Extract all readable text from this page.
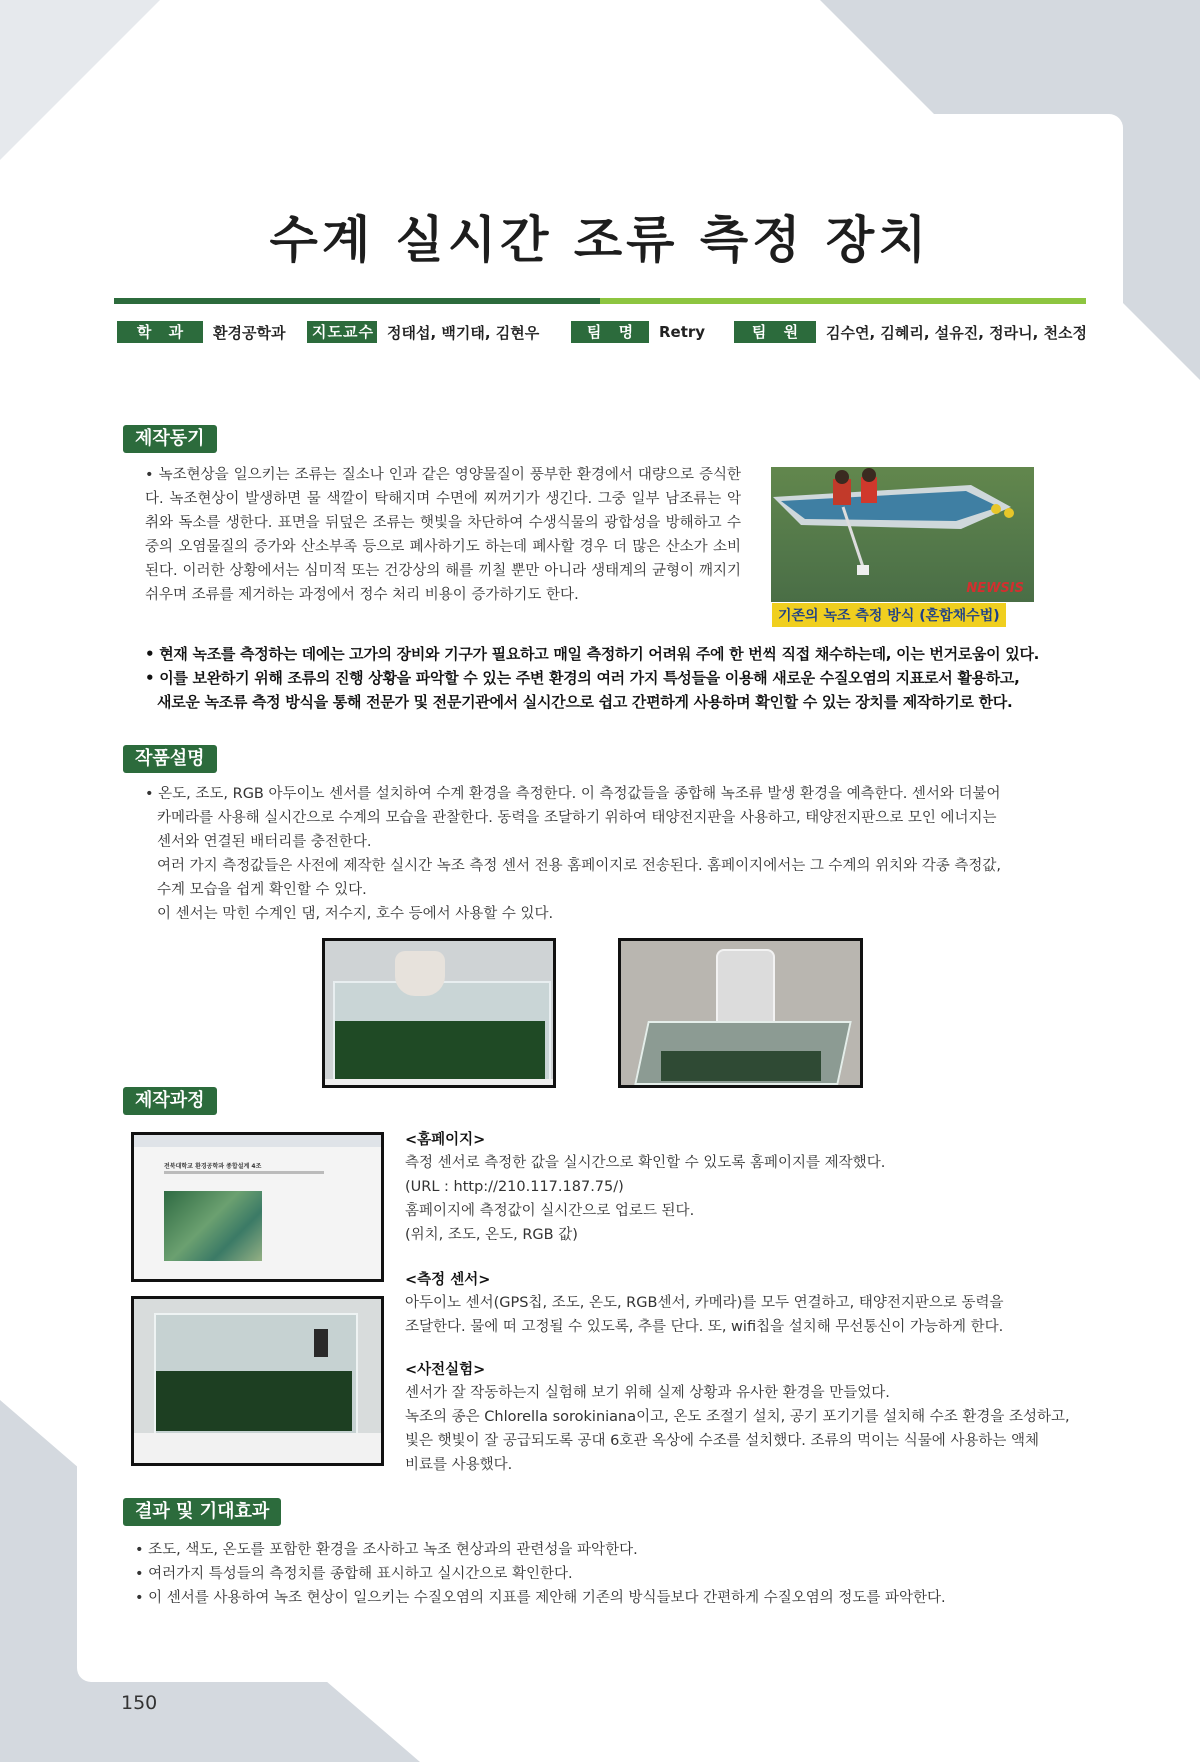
수계 실시간 조류 측정 장치
학 과	환경공학과	지도교수 정태섭, 백기태, 김현우	팀 명	Retry	팀 원	김수연, 김혜리, 설유진, 정라니, 천소정
제작동기
• 녹조현상을 일으키는 조류는 질소나 인과 같은 영양물질이 풍부한 환경에서 대량으로 증식한다. 녹조현상이 발생하면 물 색깔이 탁해지며 수면에 찌꺼기가 생긴다. 그중 일부 남조류는 악취와 독소를 생한다. 표면을 뒤덮은 조류는 햇빛을 차단하여 수생식물의 광합성을 방해하고 수중의 오염물질의 증가와 산소부족 등으로 폐사하기도 하는데 폐사할 경우 더 많은 산소가 소비된다. 이러한 상황에서는 심미적 또는 건강상의 해를 끼칠 뿐만 아니라 생태계의 균형이 깨지기 쉬우며 조류를 제거하는 과정에서 정수 처리 비용이 증가하기도 한다.	NEWSIS
기존의 녹조 측정 방식 (혼합채수법)
• 현재 녹조를 측정하는 데에는 고가의 장비와 기구가 필요하고 매일 측정하기 어려워 주에 한 번씩 직접 채수하는데, 이는 번거로움이 있다.
• 이를 보완하기 위해 조류의 진행 상황을 파악할 수 있는 주변 환경의 여러 가지 특성들을 이용해 새로운 수질오염의 지표로서 활용하고,
새로운 녹조류 측정 방식을 통해 전문가 및 전문기관에서 실시간으로 쉽고 간편하게 사용하며 확인할 수 있는 장치를 제작하기로 한다.
작품설명
• 온도, 조도, RGB 아두이노 센서를 설치하여 수계 환경을 측정한다. 이 측정값들을 종합해 녹조류 발생 환경을 예측한다. 센서와 더불어
카메라를 사용해 실시간으로 수계의 모습을 관찰한다. 동력을 조달하기 위하여 태양전지판을 사용하고, 태양전지판으로 모인 에너지는
센서와 연결된 배터리를 충전한다.
여러 가지 측정값들은 사전에 제작한 실시간 녹조 측정 센서 전용 홈페이지로 전송된다. 홈페이지에서는 그 수계의 위치와 각종 측정값,
수계 모습을 쉽게 확인할 수 있다.
이 센서는 막힌 수계인 댐, 저수지, 호수 등에서 사용할 수 있다.
제작과정
전북대학교 환경공학과 종합설계 4조
<홈페이지>
측정 센서로 측정한 값을 실시간으로 확인할 수 있도록 홈페이지를 제작했다.
(URL : http://210.117.187.75/)
홈페이지에 측정값이 실시간으로 업로드 된다.
(위치, 조도, 온도, RGB 값)
<측정 센서>
아두이노 센서(GPS칩, 조도, 온도, RGB센서, 카메라)를 모두 연결하고, 태양전지판으로 동력을
조달한다. 물에 떠 고정될 수 있도록, 추를 단다. 또, wifi칩을 설치해 무선통신이 가능하게 한다.
<사전실험>
센서가 잘 작동하는지 실험해 보기 위해 실제 상황과 유사한 환경을 만들었다.
녹조의 종은 Chlorella sorokiniana이고, 온도 조절기 설치, 공기 포기기를 설치해 수조 환경을 조성하고,
빛은 햇빛이 잘 공급되도록 공대 6호관 옥상에 수조를 설치했다. 조류의 먹이는 식물에 사용하는 액체
비료를 사용했다.
결과 및 기대효과
• 조도, 색도, 온도를 포함한 환경을 조사하고 녹조 현상과의 관련성을 파악한다.
• 여러가지 특성들의 측정치를 종합해 표시하고 실시간으로 확인한다.
• 이 센서를 사용하여 녹조 현상이 일으키는 수질오염의 지표를 제안해 기존의 방식들보다 간편하게 수질오염의 정도를 파악한다.
150
